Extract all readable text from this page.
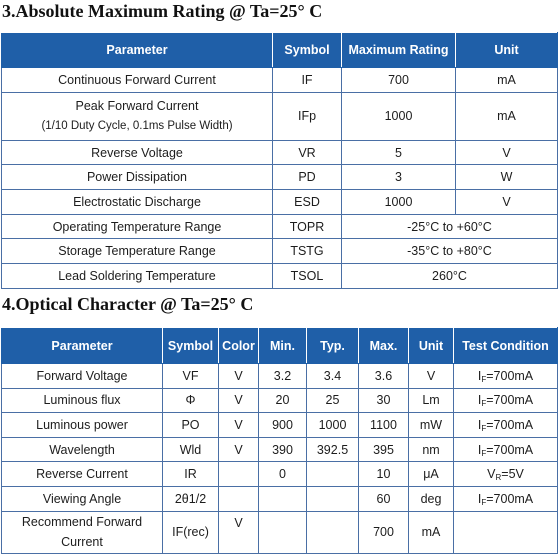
3.Absolute Maximum Rating @ Ta=25° C
Parameter	Symbol	Maximum Rating	Unit
Continuous Forward Current	IF	700	mA

Peak Forward Current
(1/10 Duty Cycle, 0.1ms Pulse Width)	IFp	1000	mA
Reverse Voltage	VR	5	V
Power Dissipation	PD	3	W
Electrostatic Discharge	ESD	1000	V
Operating Temperature Range	TOPR	-25°C to +60°C	
Storage Temperature Range	TSTG	-35°C to +80°C	
Lead Soldering Temperature	TSOL	260°C	
4.Optical Character @ Ta=25° C
Parameter	Symbol	Color	Min.	Typ.	Max.	Unit	Test Condition
Forward Voltage	VF	V	3.2	3.4	3.6	V	IF=700mA
Luminous flux	Φ	V	20	25	30	Lm	IF=700mA
Luminous power	PO	V	900	1000	1100	mW	IF=700mA
Wavelength	Wld	V	390	392.5	395	nm	IF=700mA
Reverse Current	IR		0		10	μA	VR=5V
Viewing Angle	2θ1/2				60	deg	IF=700mA

Recommend Forward
Current	IF(rec)	V			700	mA	
